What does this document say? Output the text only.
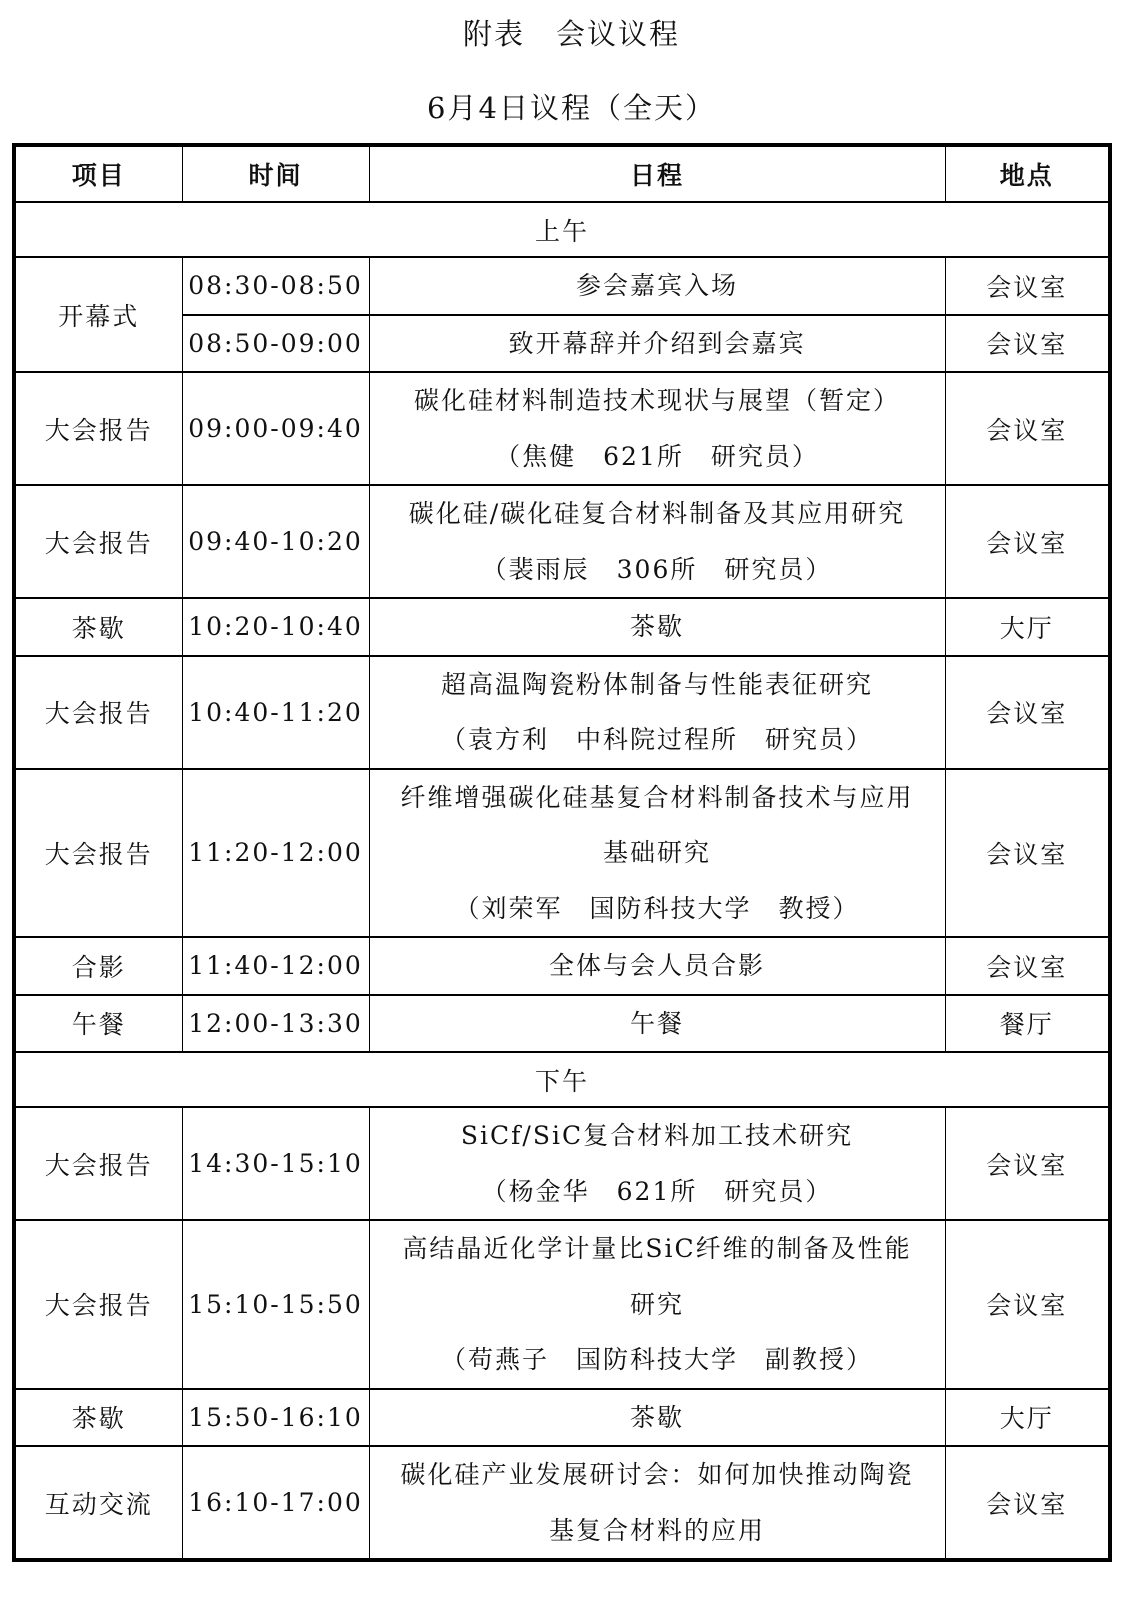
附表　会议议程
6月4日议程（全天）
项目	时间	日程	地点
上午			
开幕式	08:30-08:50	参会嘉宾入场	会议室
	08:50-09:00	致开幕辞并介绍到会嘉宾	会议室
大会报告	09:00-09:40	碳化硅材料制造技术现状与展望（暂定）
（焦健　621所　研究员）	会议室
大会报告	09:40-10:20	碳化硅/碳化硅复合材料制备及其应用研究
（裴雨辰　306所　研究员）	会议室
茶歇	10:20-10:40	茶歇	大厅
大会报告	10:40-11:20	超高温陶瓷粉体制备与性能表征研究
（袁方利　中科院过程所　研究员）	会议室
大会报告	11:20-12:00	纤维增强碳化硅基复合材料制备技术与应用
基础研究
（刘荣军　国防科技大学　教授）	会议室
合影	11:40-12:00	全体与会人员合影	会议室
午餐	12:00-13:30	午餐	餐厅
下午			
大会报告	14:30-15:10	SiCf/SiC复合材料加工技术研究
（杨金华　621所　研究员）	会议室
大会报告	15:10-15:50	高结晶近化学计量比SiC纤维的制备及性能
研究
（苟燕子　国防科技大学　副教授）	会议室
茶歇	15:50-16:10	茶歇	大厅
互动交流	16:10-17:00	碳化硅产业发展研讨会：如何加快推动陶瓷
基复合材料的应用	会议室
